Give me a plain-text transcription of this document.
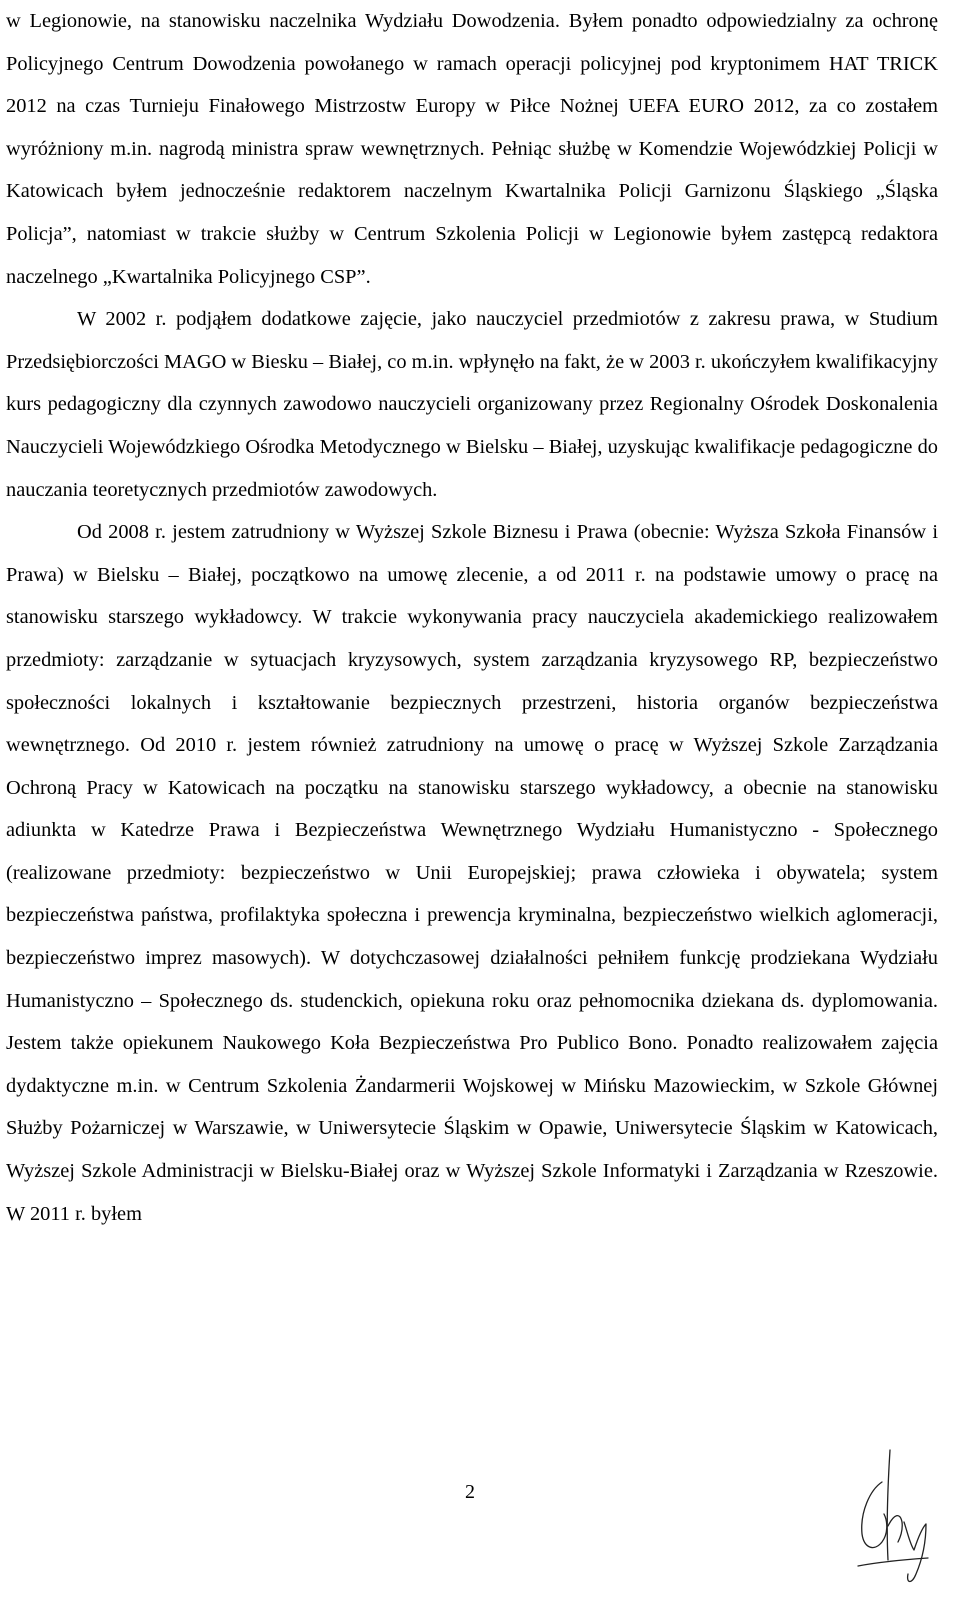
w Legionowie, na stanowisku naczelnika Wydziału Dowodzenia. Byłem ponadto odpowiedzialny za ochronę Policyjnego Centrum Dowodzenia powołanego w ramach operacji policyjnej pod kryptonimem HAT TRICK 2012 na czas Turnieju Finałowego Mistrzostw Europy w Piłce Nożnej UEFA EURO 2012, za co zostałem wyróżniony m.in. nagrodą ministra spraw wewnętrznych. Pełniąc służbę w Komendzie Wojewódzkiej Policji w Katowicach byłem jednocześnie redaktorem naczelnym Kwartalnika Policji Garnizonu Śląskiego „Śląska Policja”, natomiast w trakcie służby w Centrum Szkolenia Policji w Legionowie byłem zastępcą redaktora naczelnego „Kwartalnika Policyjnego CSP”.

W 2002 r. podjąłem dodatkowe zajęcie, jako nauczyciel przedmiotów z zakresu prawa, w Studium Przedsiębiorczości MAGO w Biesku – Białej, co m.in. wpłynęło na fakt, że w 2003 r. ukończyłem kwalifikacyjny kurs pedagogiczny dla czynnych zawodowo nauczycieli organizowany przez Regionalny Ośrodek Doskonalenia Nauczycieli Wojewódzkiego Ośrodka Metodycznego w Bielsku – Białej, uzyskując kwalifikacje pedagogiczne do nauczania teoretycznych przedmiotów zawodowych.

Od 2008 r. jestem zatrudniony w Wyższej Szkole Biznesu i Prawa (obecnie: Wyższa Szkoła Finansów i Prawa) w Bielsku – Białej, początkowo na umowę zlecenie, a od 2011 r. na podstawie umowy o pracę na stanowisku starszego wykładowcy. W trakcie wykonywania pracy nauczyciela akademickiego realizowałem przedmioty: zarządzanie w sytuacjach kryzysowych, system zarządzania kryzysowego RP, bezpieczeństwo społeczności lokalnych i kształtowanie bezpiecznych przestrzeni, historia organów bezpieczeństwa wewnętrznego. Od 2010 r. jestem również zatrudniony na umowę o pracę w Wyższej Szkole Zarządzania Ochroną Pracy w Katowicach na początku na stanowisku starszego wykładowcy, a obecnie na stanowisku adiunkta w Katedrze Prawa i Bezpieczeństwa Wewnętrznego Wydziału Humanistyczno - Społecznego (realizowane przedmioty: bezpieczeństwo w Unii Europejskiej; prawa człowieka i obywatela; system bezpieczeństwa państwa, profilaktyka społeczna i prewencja kryminalna, bezpieczeństwo wielkich aglomeracji, bezpieczeństwo imprez masowych). W dotychczasowej działalności pełniłem funkcję prodziekana Wydziału Humanistyczno – Społecznego ds. studenckich, opiekuna roku oraz pełnomocnika dziekana ds. dyplomowania. Jestem także opiekunem Naukowego Koła Bezpieczeństwa Pro Publico Bono. Ponadto realizowałem zajęcia dydaktyczne m.in. w Centrum Szkolenia Żandarmerii Wojskowej w Mińsku Mazowieckim, w Szkole Głównej Służby Pożarniczej w Warszawie, w Uniwersytecie Śląskim w Opawie, Uniwersytecie Śląskim w Katowicach, Wyższej Szkole Administracji w Bielsku-Białej oraz w Wyższej Szkole Informatyki i Zarządzania w Rzeszowie. W 2011 r. byłem

2
